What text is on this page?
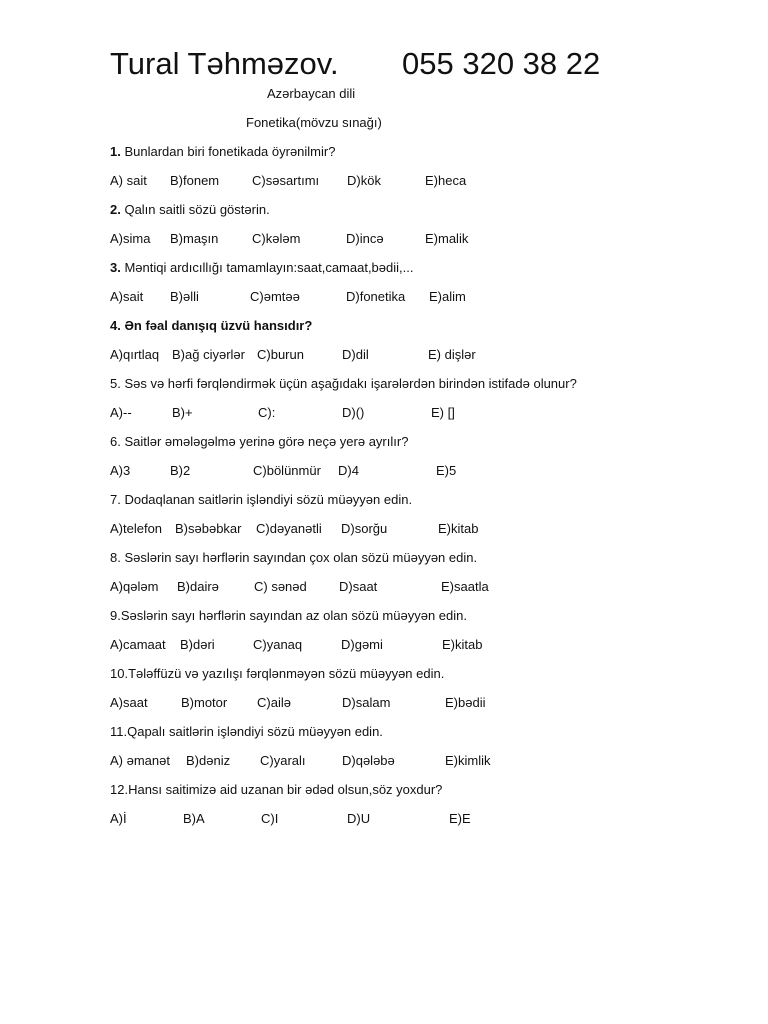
Tural Təhməzov. 055 320 38 22
Azərbaycan dili
Fonetika(mövzu sınağı)
1. Bunlardan biri fonetikada öyrənilmir?
A) sait B)fonem	C)səsartımı D)kök	E)heca
2. Qalın saitli sözü göstərin.
A)sima B)maşın	C)kələm	D)incə	E)malik
3. Məntiqi ardıcıllığı tamamlayın:saat,camaat,bədii,...
A)sait B)əlli	C)əmtəə	D)fonetika E)alim
4. Ən fəal danışıq üzvü hansıdır?
A)qırtlaq B)ağ ciyərlər C)burun	D)dil	E) dişlər
5. Səs və hərfi fərqləndirmək üçün aşağıdakı işarələrdən birindən istifadə olunur?
A)--	B)+	C):	D)()	E) []
6. Saitlər əmələgəlmə yerinə görə neçə yerə ayrılır?
A)3	B)2	C)bölünmür D)4	E)5
7. Dodaqlanan saitlərin işləndiyi sözü müəyyən edin.
A)telefon B)səbəbkar C)dəyanətli D)sorğu	E)kitab
8. Səslərin sayı hərflərin sayından çox olan sözü müəyyən edin.
A)qələm B)dairə	C) sənəd D)saat	E)saatla
9.Səslərin sayı hərflərin sayından az olan sözü müəyyən edin.
A)camaat B)dəri	C)yanaq	D)gəmi	E)kitab
10.Tələffüzü və yazılışı fərqlənməyən sözü müəyyən edin.
A)saat	B)motor C)ailə	D)salam	E)bədii
11.Qapalı saitlərin işləndiyi sözü müəyyən edin.
A) əmanət B)dəniz C)yaralı	D)qələbə	E)kimlik
12.Hansı saitimizə aid uzanan bir ədəd olsun,söz yoxdur?
A)İ	B)A	C)I	D)U	E)E
